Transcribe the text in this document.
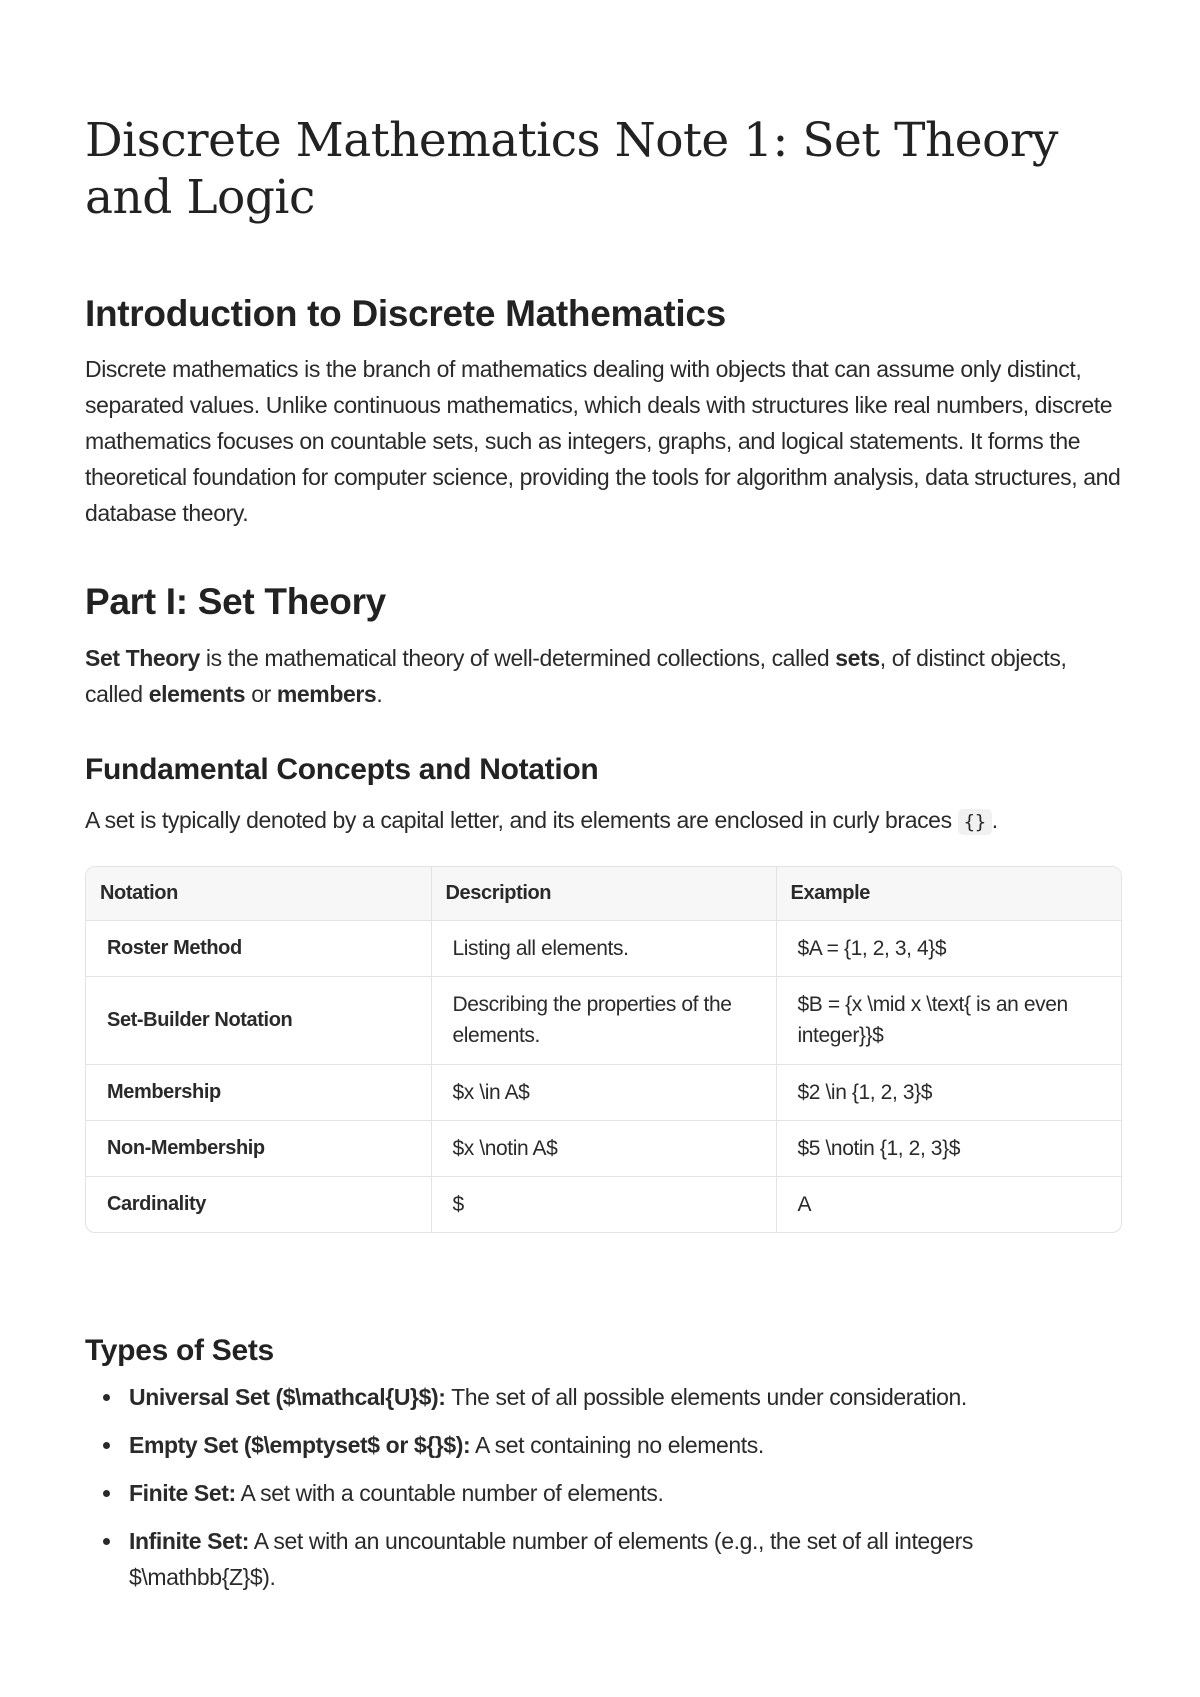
Discrete Mathematics Note 1: Set Theory and Logic
Introduction to Discrete Mathematics

Discrete mathematics is the branch of mathematics dealing with objects that can assume only distinct, separated values. Unlike continuous mathematics, which deals with structures like real numbers, discrete mathematics focuses on countable sets, such as integers, graphs, and logical statements. It forms the theoretical foundation for computer science, providing the tools for algorithm analysis, data structures, and database theory.

Part I: Set Theory

Set Theory is the mathematical theory of well-determined collections, called sets, of distinct objects, called elements or members.

Fundamental Concepts and Notation

A set is typically denoted by a capital letter, and its elements are enclosed in curly braces {} .

Notation	Description	Example
Roster Method	Listing all elements.	$A = {1, 2, 3, 4}$
Set-Builder Notation	Describing the properties of the elements.	$B = {x \mid x \text{ is an even integer}}$
Membership	$x \in A$	$2 \in {1, 2, 3}$
Non-Membership	$x \notin A$	$5 \notin {1, 2, 3}$
Cardinality	$	A
Types of Sets
Universal Set ($\mathcal{U}$): The set of all possible elements under consideration.
Empty Set ($\emptyset$ or ${}$): A set containing no elements.
Finite Set: A set with a countable number of elements.
Infinite Set: A set with an uncountable number of elements (e.g., the set of all integers $\mathbb{Z}$).
